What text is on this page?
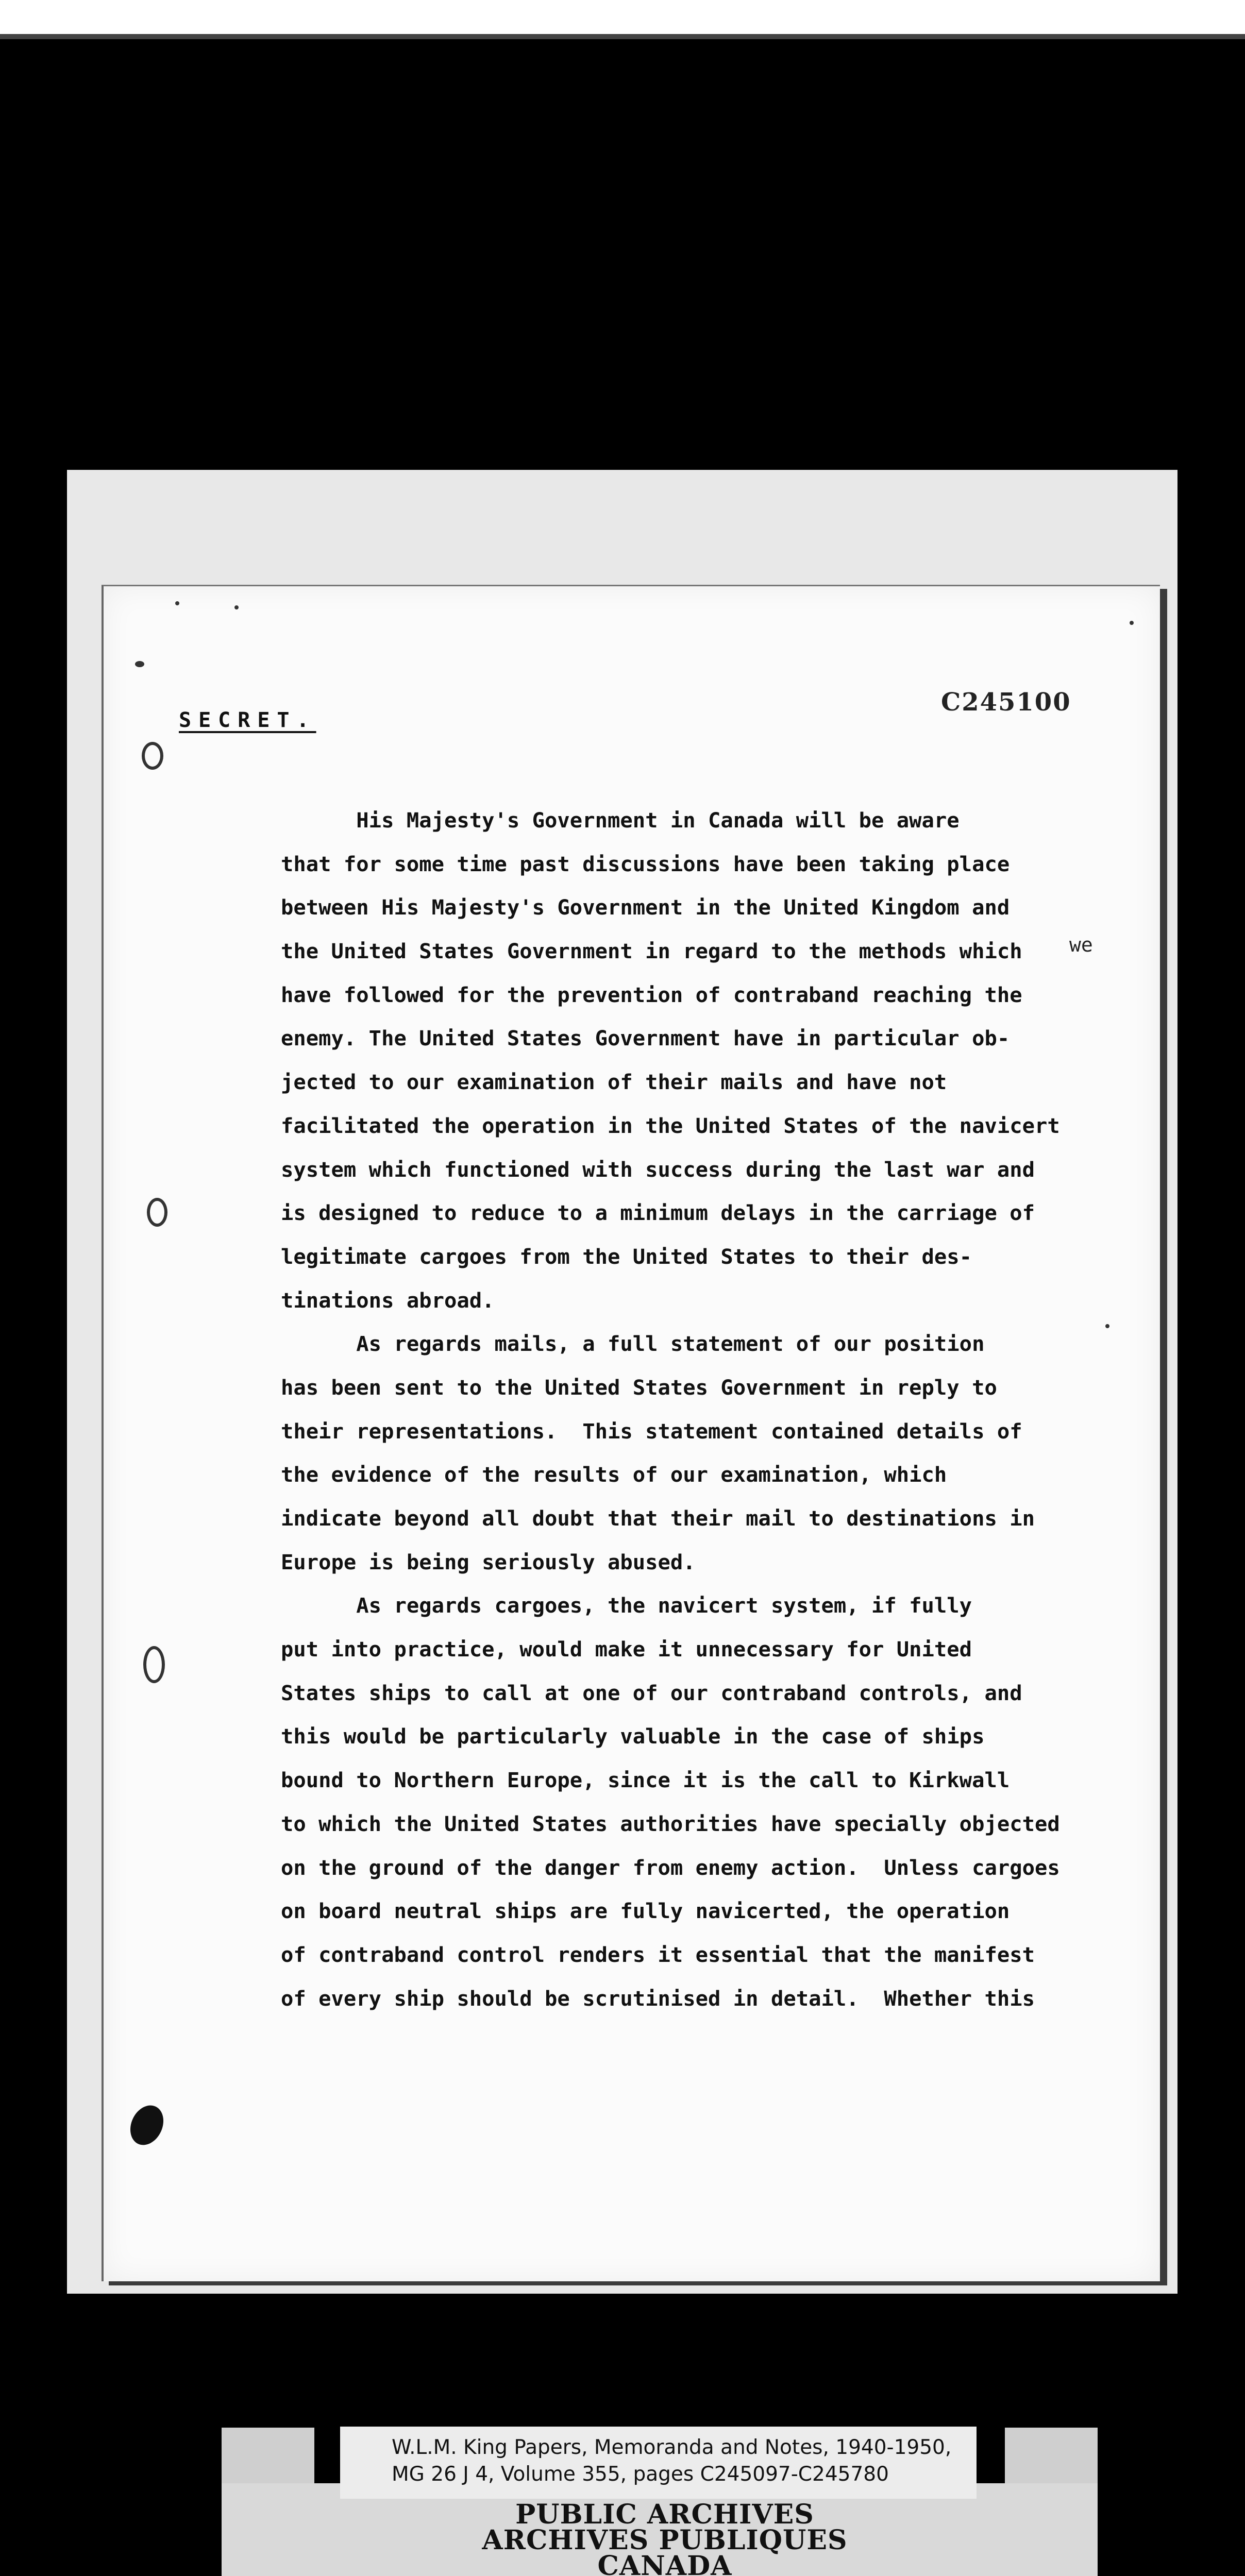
SECRET.
C245100
we
His Majesty's Government in Canada will be aware
that for some time past discussions have been taking place
between His Majesty's Government in the United Kingdom and
the United States Government in regard to the methods which
have followed for the prevention of contraband reaching the
enemy. The United States Government have in particular ob-
jected to our examination of their mails and have not
facilitated the operation in the United States of the navicert
system which functioned with success during the last war and
is designed to reduce to a minimum delays in the carriage of
legitimate cargoes from the United States to their des-
tinations abroad.
As regards mails, a full statement of our position
has been sent to the United States Government in reply to
their representations.  This statement contained details of
the evidence of the results of our examination, which
indicate beyond all doubt that their mail to destinations in
Europe is being seriously abused.
As regards cargoes, the navicert system, if fully
put into practice, would make it unnecessary for United
States ships to call at one of our contraband controls, and
this would be particularly valuable in the case of ships
bound to Northern Europe, since it is the call to Kirkwall
to which the United States authorities have specially objected
on the ground of the danger from enemy action.  Unless cargoes
on board neutral ships are fully navicerted, the operation
of contraband control renders it essential that the manifest
of every ship should be scrutinised in detail.  Whether this
W.L.M. King Papers, Memoranda and Notes, 1940-1950,
MG 26 J 4, Volume 355, pages C245097-C245780
PUBLIC ARCHIVES
ARCHIVES PUBLIQUES
CANADA
